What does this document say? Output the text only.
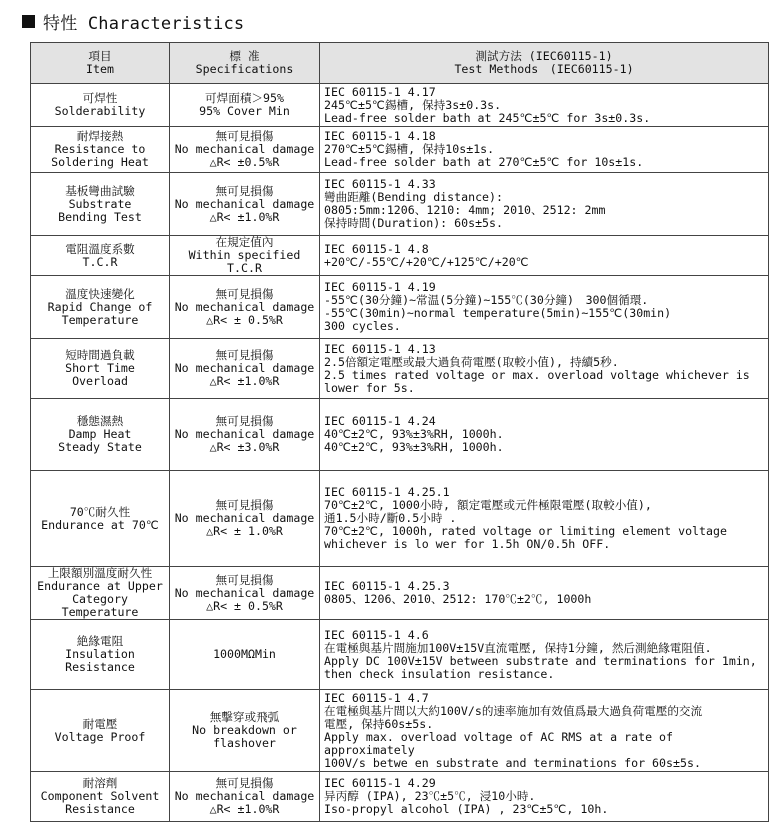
特性 Characteristics
項目
Item	標 准
Specifications	測試方法 (IEC60115-1)
Test Methods　(IEC60115-1)
可焊性
Solderability	可焊面積＞95%
95% Cover Min	IEC 60115-1 4.17
245℃±5℃錫槽, 保持3s±0.3s.
Lead-free solder bath at 245℃±5℃ for 3s±0.3s.
耐焊接熱
Resistance to
Soldering Heat	無可見損傷
No mechanical damage
△R< ±0.5%R	IEC 60115-1 4.18
270℃±5℃錫槽, 保持10s±1s.
Lead-free solder bath at 270℃±5℃ for 10s±1s.
基板彎曲試驗
Substrate
Bending Test	無可見損傷
No mechanical damage
△R< ±1.0%R	IEC 60115-1 4.33
彎曲距離(Bending distance):
0805:5mm:1206、1210: 4mm; 2010、2512: 2mm
保持時間(Duration): 60s±5s.
電阻溫度系數
T.C.R	在規定值內
Within specified T.C.R	IEC 60115-1 4.8
+20℃/-55℃/+20℃/+125℃/+20℃
溫度快速變化
Rapid Change of
Temperature	無可見損傷
No mechanical damage
△R< ± 0.5%R	IEC 60115-1 4.19
-55℃(30分鐘)~常温(5分鐘)~155℃(30分鐘)　300個循環.
-55℃(30min)~normal temperature(5min)~155℃(30min)
300 cycles.
短時間過負載
Short Time Overload	無可見損傷
No mechanical damage
△R< ±1.0%R	IEC 60115-1 4.13
2.5倍額定電壓或最大過負荷電壓(取較小值), 持續5秒.
2.5 times rated voltage or max. overload voltage whichever is
lower for 5s.
穩態濕熱
Damp Heat
Steady State	無可見損傷
No mechanical damage
△R< ±3.0%R	IEC 60115-1 4.24
40℃±2℃, 93%±3%RH, 1000h.
40℃±2℃, 93%±3%RH, 1000h.
70℃耐久性
Endurance at 70℃	無可見損傷
No mechanical damage
△R< ± 1.0%R	IEC 60115-1 4.25.1
70℃±2℃, 1000小時, 額定電壓或元件極限電壓(取較小值),
通1.5小時/斷0.5小時 .
70℃±2℃, 1000h, rated voltage or limiting element voltage
whichever is lo wer for 1.5h ON/0.5h OFF.
上限額別溫度耐久性
Endurance at Upper
Category Temperature	無可見損傷
No mechanical damage
△R< ± 0.5%R	IEC 60115-1 4.25.3
0805、1206、2010、2512: 170℃±2℃, 1000h
絶緣電阻
Insulation
Resistance	1000MΩMin	IEC 60115-1 4.6
在電極與基片間施加100V±15V直流電壓, 保持1分鐘, 然后測絶緣電阻值.
Apply DC 100V±15V between substrate and terminations for 1min,
then check insulation resistance.
耐電壓
Voltage Proof	無擊穿或飛弧
No breakdown or
flashover	IEC 60115-1 4.7
在電極與基片間以大約100V/s的速率施加有效值爲最大過負荷電壓的交流
電壓, 保持60s±5s.
Apply max. overload voltage of AC RMS at a rate of approximately
100V/s betwe en substrate and terminations for 60s±5s.
耐溶劑
Component Solvent
Resistance	無可見損傷
No mechanical damage
△R< ±1.0%R	IEC 60115-1 4.29
异丙醇 (IPA), 23℃±5℃, 浸10小時.
Iso-propyl alcohol (IPA) , 23℃±5℃, 10h.
